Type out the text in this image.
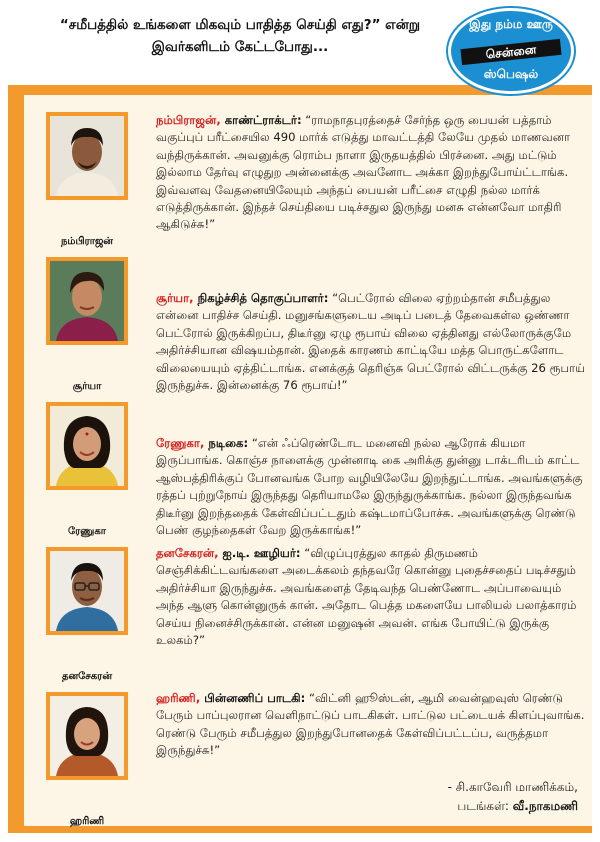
“சமீபத்தில் உங்களை மிகவும் பாதித்த செய்தி எது?” என்று
இவர்களிடம் கேட்டபோது...
இது நம்ம ஊரு
சென்னை
ஸ்பெஷல்
நம்பிராஜன்
நம்பிராஜன், காண்ட்ராக்டர்: “ராமநாதபுரத்தைச் சேர்ந்த ஒரு பையன் பத்தாம் வகுப்புப் பரீட்சையில 490 மார்க் எடுத்து மாவட்டத்தி லேயே முதல் மாணவனா வந்திருக்கான். அவனுக்கு ரொம்ப நாளா இருதயத்தில் பிரச்னை. அது மட்டும் இல்லாம தேர்வு எழுதுற அன்னைக்கு அவனோட அக்கா இறந்துபோய்ட்டாங்க. இவ்வளவு வேதனையிலேயும் அந்தப் பையன் பரீட்சை எழுதி நல்ல மார்க் எடுத்திருக்கான். இந்தச் செய்தியை படிச்சதுல இருந்து மனசு என்னவோ மாதிரி ஆகிடுச்சு!”
சூர்யா
சூர்யா, நிகழ்ச்சித் தொகுப்பாளர்: “பெட்ரோல் விலை ஏற்றம்தான் சமீபத்துல என்னை பாதிச்ச செய்தி. மனுசங்களுடைய அடிப் படைத் தேவைகள்ல ஒண்ணா பெட்ரோல் இருக்கிறப்ப, திடீர்னு ஏழு ரூபாய் விலை ஏத்தினது எல்லோருக்குமே அதிர்ச்சியான விஷயம்தான். இதைக் காரணம் காட்டியே மத்த பொருட்களோட விலையையும் ஏத்திட்டாங்க. எனக்குத் தெரிஞ்சு பெட்ரோல் விட்டருக்கு 26 ரூபாய் இருந்துச்சு. இன்னைக்கு 76 ரூபாய்!”
ரேணுகா
ரேணுகா, நடிகை: “என் ஃப்ரெண்டோட மனைவி நல்ல ஆரோக் கியமா இருப்பாங்க. கொஞ்ச நாளைக்கு முன்னாடி கை அரிக்கு துன்னு டாக்டரிடம் காட்ட ஆஸ்பத்திரிக்குப் போனவங்க போற வழியிலேயே இறந்துட்டாங்க. அவங்களுக்கு ரத்தப் புற்றுநோய் இருந்தது தெரியாமலே இருந்துருக்காங்க. நல்லா இருந்தவங்க திடீர்னு இறந்ததைக் கேள்விப்பட்டதும் கஷ்டமாப்போச்சு. அவங்களுக்கு ரெண்டு பெண் குழந்தைகள் வேற இருக்காங்க!”
தனசேகரன்
தனசேகரன், ஐ.டி. ஊழியர்: “விழுப்புரத்துல காதல் திருமணம் செஞ்சிக்கிட்டவங்களை அடைக்கலம் தந்தவரே கொன்னு புதைச்சதைப் படிச்சதும் அதிர்ச்சியா இருந்துச்சு. அவங்களைத் தேடிவந்த பெண்ணோட அப்பாவையும் அந்த ஆளு கொன்னுருக் கான். அதோட பெத்த மகளையே பாலியல் பலாத்காரம் செய்ய நினைச்சிருக்கான். என்ன மனுஷன் அவன். எங்க போயிட்டு இருக்கு உலகம்?”
ஹரிணி
ஹரிணி, பின்னணிப் பாடகி: “விட்னி ஹூஸ்டன், ஆமி வைன்ஹவுஸ் ரெண்டு பேரும் பாப்புலரான வெளிநாட்டுப் பாடகிகள். பாட்டுல பட்டையக் கிளப்புவாங்க. ரெண்டு பேரும் சமீபத்துல இறந்துபோனதைக் கேள்விப்பட்டப்ப, வருத்தமா இருந்துச்சு!”
- சி.காவேரி மாணிக்கம்,
படங்கள்: வீ.நாகமணி
